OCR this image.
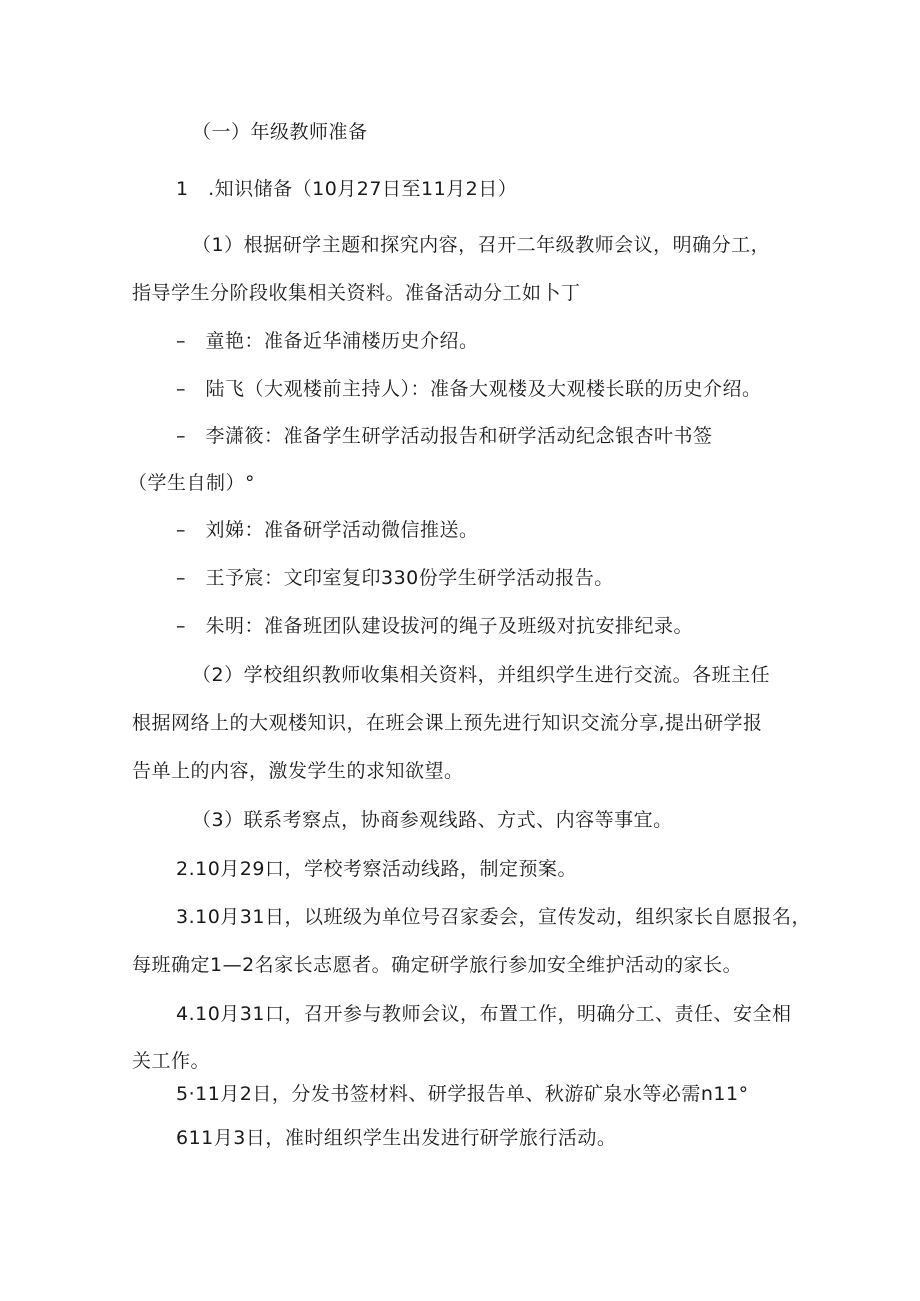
（一）年级教师准备
1　.知识储备（10月27日至11月2日）
（1）根据研学主题和探究内容，召开二年级教师会议，明确分工，
指导学生分阶段收集相关资料。准备活动分工如卜丁
–　童艳：准备近华浦楼历史介绍。
–　陆飞（大观楼前主持人）：准备大观楼及大观楼长联的历史介绍。
–　李潇筱：准备学生研学活动报告和研学活动纪念银杏叶书签
（学生自制）°
–　刘娣：准备研学活动微信推送。
–　王予宸：文印室复印330份学生研学活动报告。
–　朱明：准备班团队建设拔河的绳子及班级对抗安排纪录。
（2）学校组织教师收集相关资料，并组织学生进行交流。各班主任
根据网络上的大观楼知识，在班会课上预先进行知识交流分享,提出研学报
告单上的内容，激发学生的求知欲望。
（3）联系考察点，协商参观线路、方式、内容等事宜。
2.10月29口，学校考察活动线路，制定预案。
3.10月31日，以班级为单位号召家委会，宣传发动，组织家长自愿报名，
每班确定1—2名家长志愿者。确定研学旅行参加安全维护活动的家长。
4.10月31口，召开参与教师会议，布置工作，明确分工、责任、安全相
关工作。
5·11月2日，分发书签材料、研学报告单、秋游矿泉水等必需n11°
611月3日，准时组织学生出发进行研学旅行活动。
